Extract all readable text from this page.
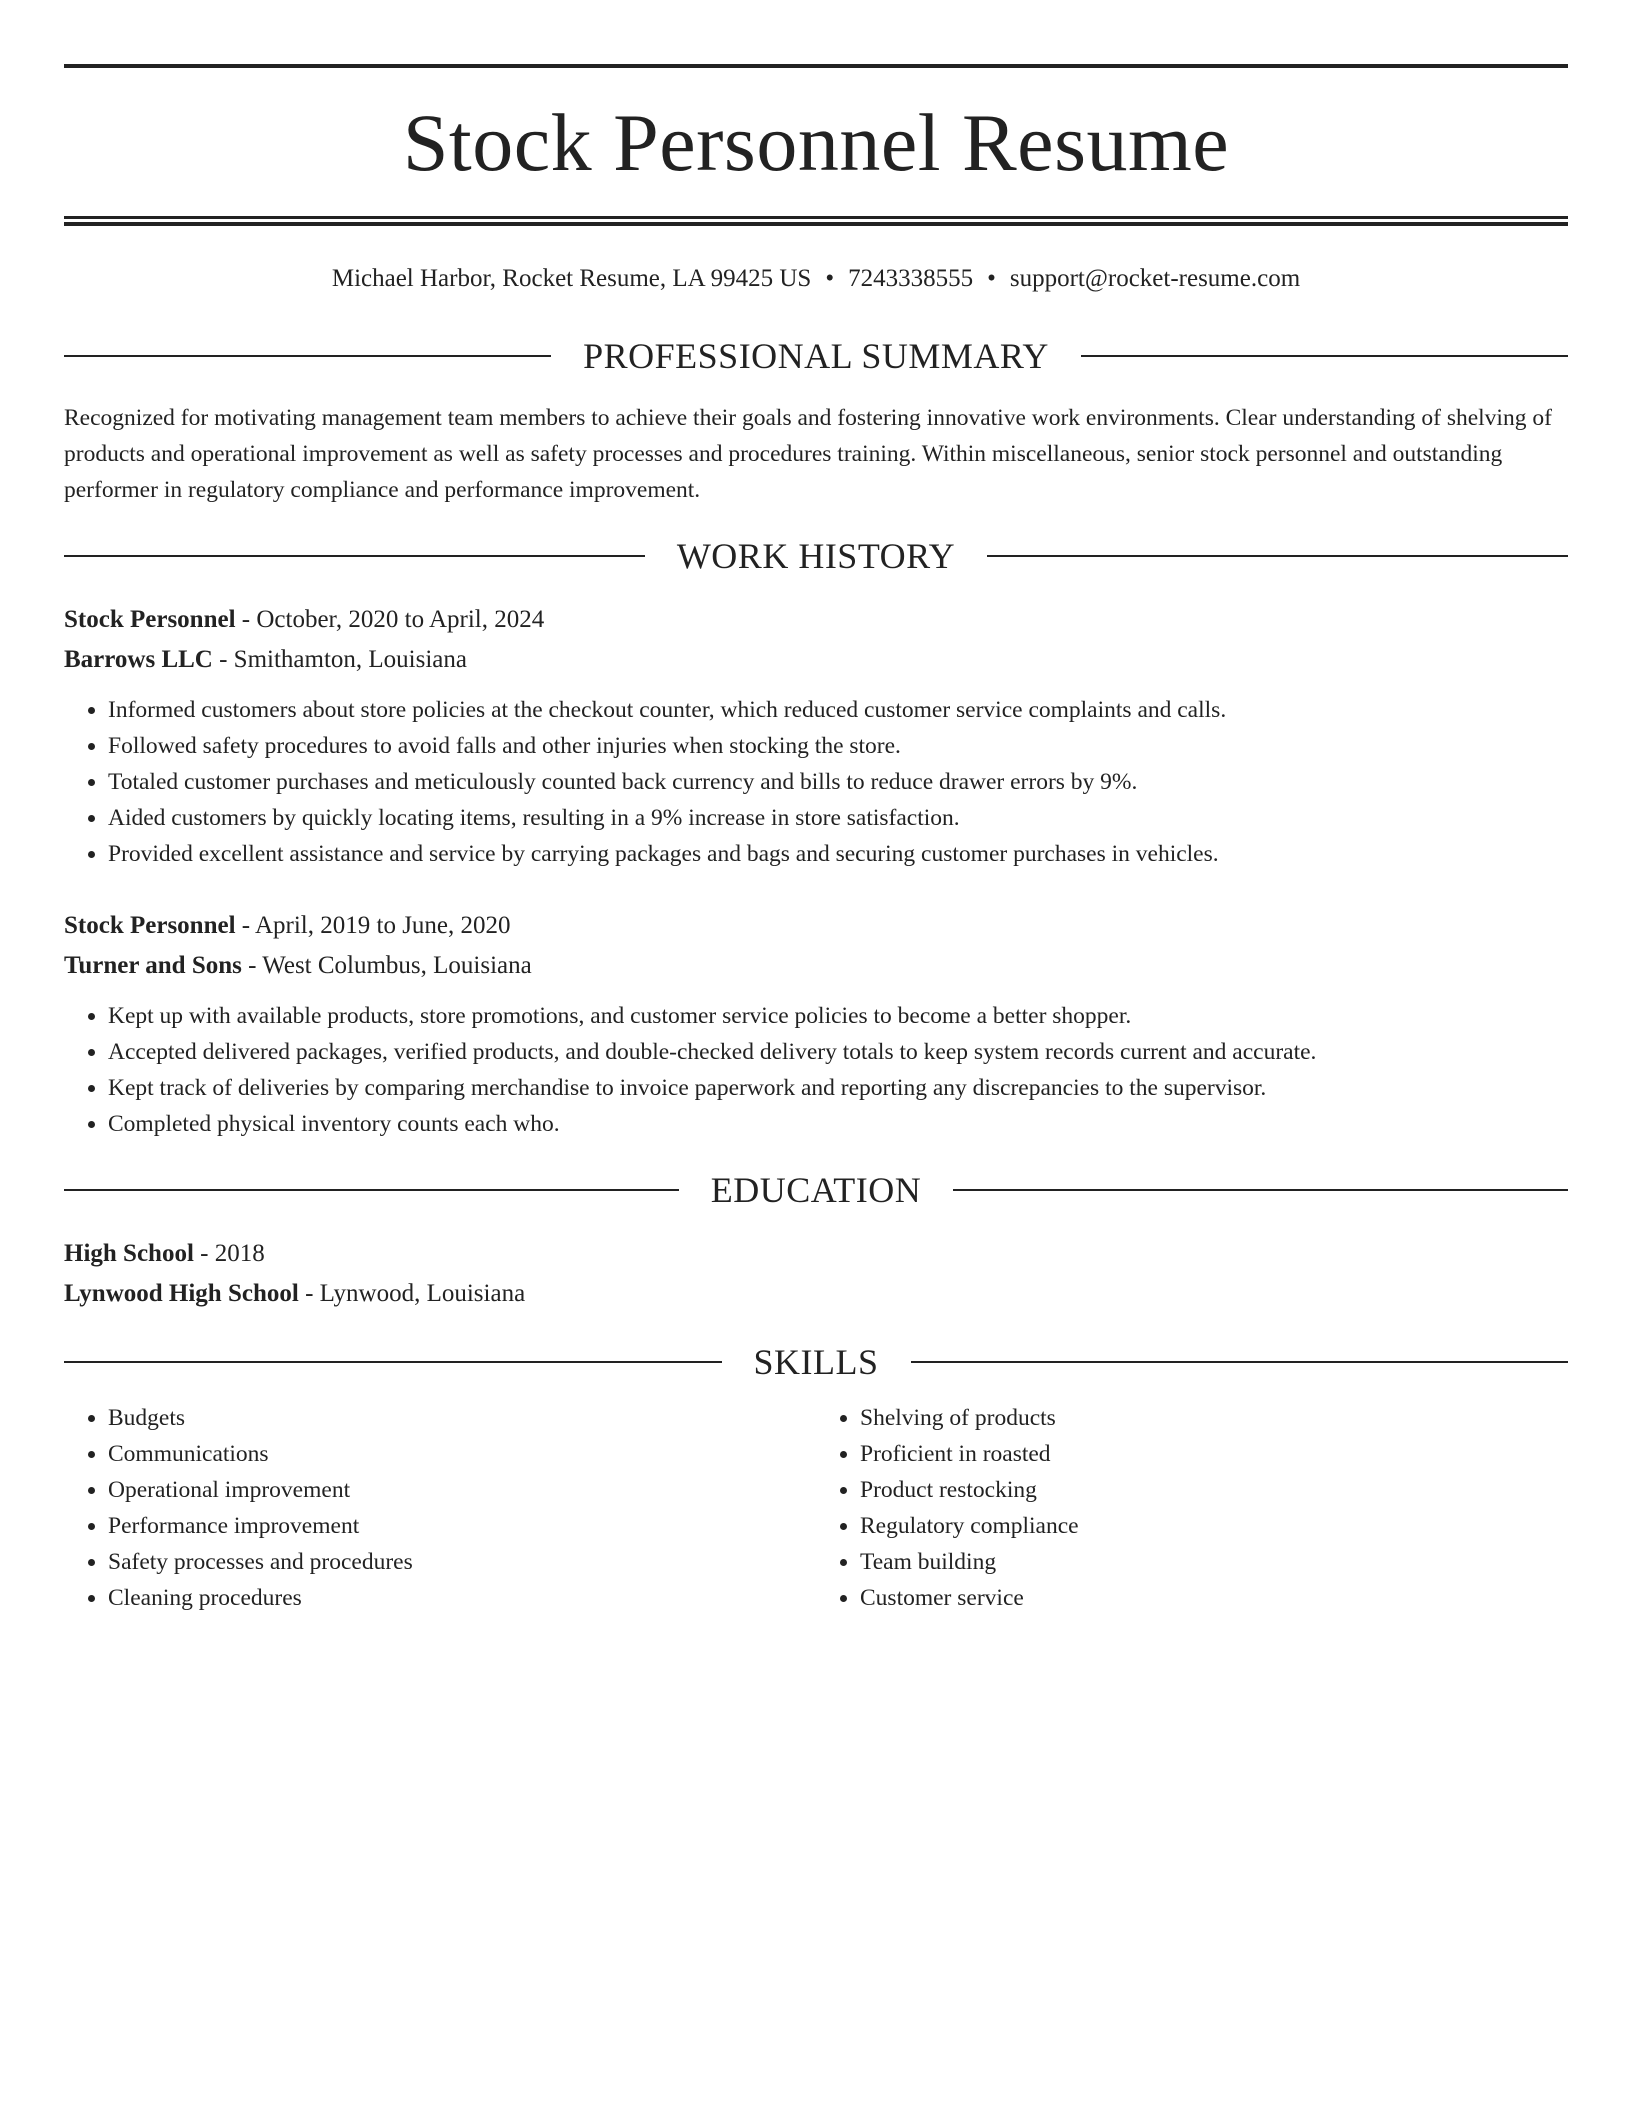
Stock Personnel Resume
Michael Harbor, Rocket Resume, LA 99425 US • 7243338555 • support@rocket-resume.com
PROFESSIONAL SUMMARY

Recognized for motivating management team members to achieve their goals and fostering innovative work environments. Clear understanding of shelving of products and operational improvement as well as safety processes and procedures training. Within miscellaneous, senior stock personnel and outstanding performer in regulatory compliance and performance improvement.

WORK HISTORY

Stock Personnel - October, 2020 to April, 2024

Barrows LLC - Smithamton, Louisiana

• Informed customers about store policies at the checkout counter, which reduced customer service complaints and calls.
• Followed safety procedures to avoid falls and other injuries when stocking the store.
• Totaled customer purchases and meticulously counted back currency and bills to reduce drawer errors by 9%.
• Aided customers by quickly locating items, resulting in a 9% increase in store satisfaction.
• Provided excellent assistance and service by carrying packages and bags and securing customer purchases in vehicles.

Stock Personnel - April, 2019 to June, 2020

Turner and Sons - West Columbus, Louisiana

• Kept up with available products, store promotions, and customer service policies to become a better shopper.
• Accepted delivered packages, verified products, and double-checked delivery totals to keep system records current and accurate.
• Kept track of deliveries by comparing merchandise to invoice paperwork and reporting any discrepancies to the supervisor.
• Completed physical inventory counts each who.
EDUCATION

High School - 2018

Lynwood High School - Lynwood, Louisiana

SKILLS
• Budgets
• Communications
• Operational improvement
• Performance improvement
• Safety processes and procedures
• Cleaning procedures
• Shelving of products
• Proficient in roasted
• Product restocking
• Regulatory compliance
• Team building
• Customer service
